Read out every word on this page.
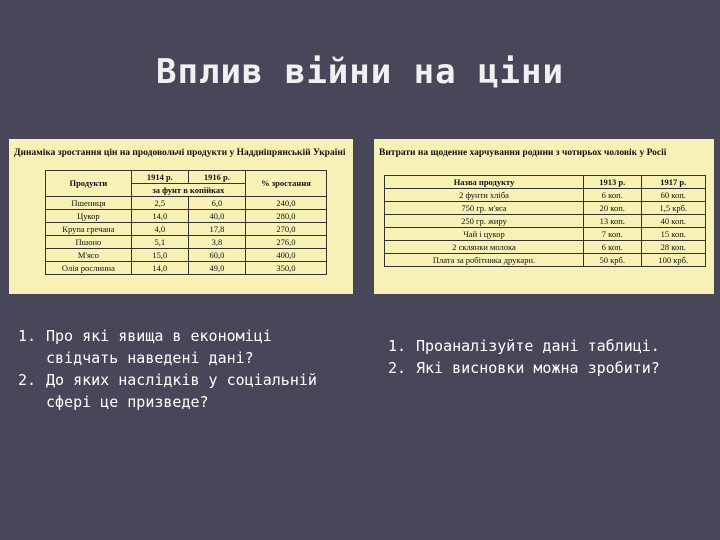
Вплив війни на ціни
Динаміка зростання цін на продовольчі продукти у Наддніпрянській Україні
Продукти	1914 р.	1916 р.	% зростання
	за фунт в копійках		
Пшениця	2,5	6,0	240,0
Цукор	14,0	40,0	280,0
Крупа гречана	4,0	17,8	270,0
Пшоно	5,1	3,8	276,0
М'ясо	15,0	60,0	400,0
Олія рослинна	14,0	49,0	350,0
Витрати на щоденне харчування родини з чотирьох чоловік у Росії
Назва продукту	1913 р.	1917 р.
2 фунти хліба	6 коп.	60 коп.
750 гр. м'яса	20 коп.	1,5 крб.
250 гр. жиру	13 коп.	40 коп.
Чай і цукор	7 коп.	15 коп.
2 склянки молока	6 коп.	28 коп.
Плата за робітника друкарн.	50 крб.	100 крб.
1. Про які явища в економіці свідчать наведені дані?
2. До яких наслідків у соціальній сфері це призведе?
1. Проаналізуйте дані таблиці.
2. Які висновки можна зробити?
